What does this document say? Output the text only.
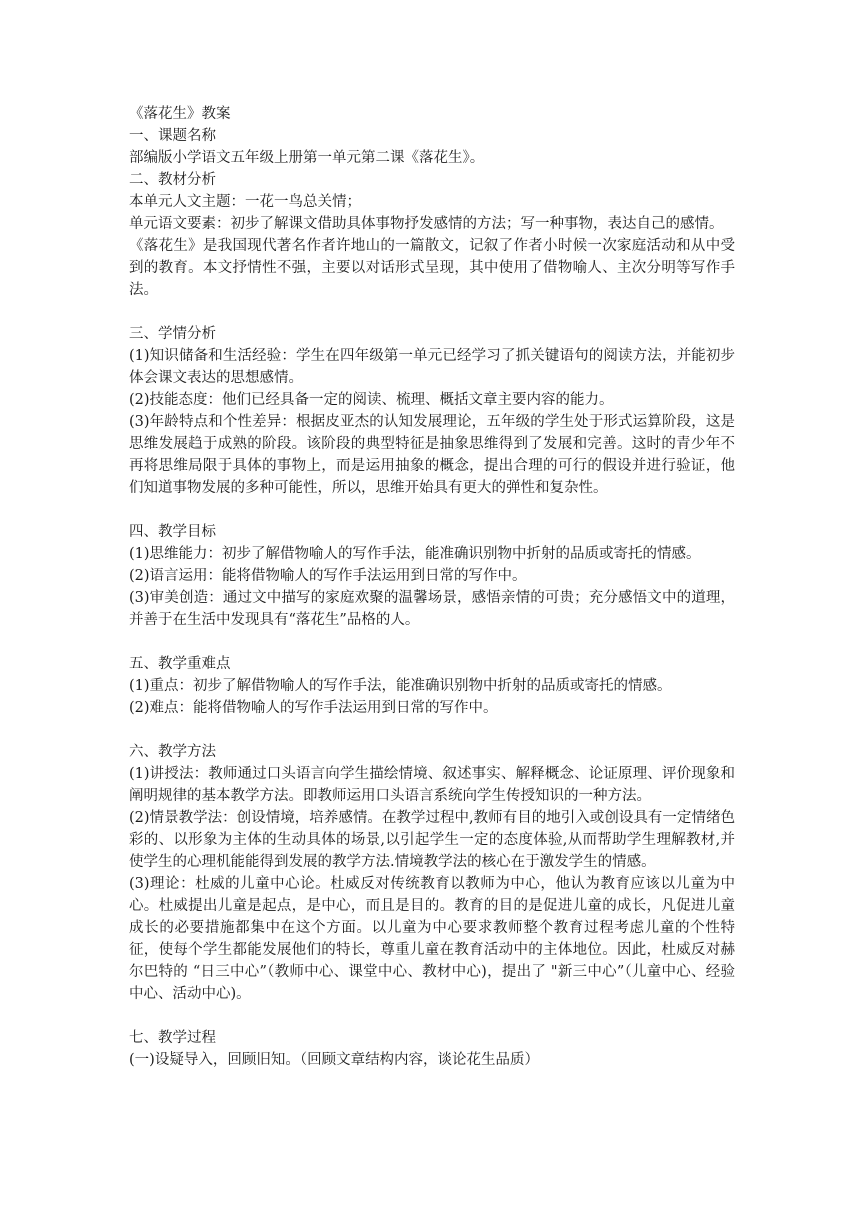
《落花生》教案

一、课题名称

部编版小学语文五年级上册第一单元第二课《落花生》。

二、教材分析

本单元人文主题：一花一鸟总关情；

单元语文要素：初步了解课文借助具体事物抒发感情的方法；写一种事物，表达自己的感情。

《落花生》是我国现代著名作者许地山的一篇散文，记叙了作者小时候一次家庭活动和从中受到的教育。本文抒情性不强，主要以对话形式呈现，其中使用了借物喻人、主次分明等写作手法。

三、学情分析

(1)知识储备和生活经验：学生在四年级第一单元已经学习了抓关键语句的阅读方法，并能初步体会课文表达的思想感情。

(2)技能态度：他们已经具备一定的阅读、梳理、概括文章主要内容的能力。

(3)年龄特点和个性差异：根据皮亚杰的认知发展理论，五年级的学生处于形式运算阶段，这是思维发展趋于成熟的阶段。该阶段的典型特征是抽象思维得到了发展和完善。这时的青少年不再将思维局限于具体的事物上，而是运用抽象的概念，提出合理的可行的假设并进行验证，他们知道事物发展的多种可能性，所以，思维开始具有更大的弹性和复杂性。

四、教学目标

(1)思维能力：初步了解借物喻人的写作手法，能准确识别物中折射的品质或寄托的情感。

(2)语言运用：能将借物喻人的写作手法运用到日常的写作中。

(3)审美创造：通过文中描写的家庭欢聚的温馨场景，感悟亲情的可贵；充分感悟文中的道理，并善于在生活中发现具有“落花生”品格的人。

五、教学重难点

(1)重点：初步了解借物喻人的写作手法，能准确识别物中折射的品质或寄托的情感。

(2)难点：能将借物喻人的写作手法运用到日常的写作中。

六、教学方法

(1)讲授法：教师通过口头语言向学生描绘情境、叙述事实、解释概念、论证原理、评价现象和阐明规律的基本教学方法。即教师运用口头语言系统向学生传授知识的一种方法。

(2)情景教学法：创设情境，培养感情。在教学过程中,教师有目的地引入或创设具有一定情绪色彩的、以形象为主体的生动具体的场景,以引起学生一定的态度体验,从而帮助学生理解教材,并使学生的心理机能能得到发展的教学方法.情境教学法的核心在于激发学生的情感。

(3)理论：杜威的儿童中心论。杜威反对传统教育以教师为中心，他认为教育应该以儿童为中心。杜威提出儿童是起点，是中心，而且是目的。教育的目的是促进儿童的成长，凡促进儿童成长的必要措施都集中在这个方面。以儿童为中心要求教师整个教育过程考虑儿童的个性特征，使每个学生都能发展他们的特长，尊重儿童在教育活动中的主体地位。因此，杜威反对赫尔巴特的 “日三中心”（教师中心、课堂中心、教材中心)，提出了 "新三中心”（儿童中心、经验中心、活动中心)。

七、教学过程

(一)设疑导入，回顾旧知。（回顾文章结构内容，谈论花生品质）
